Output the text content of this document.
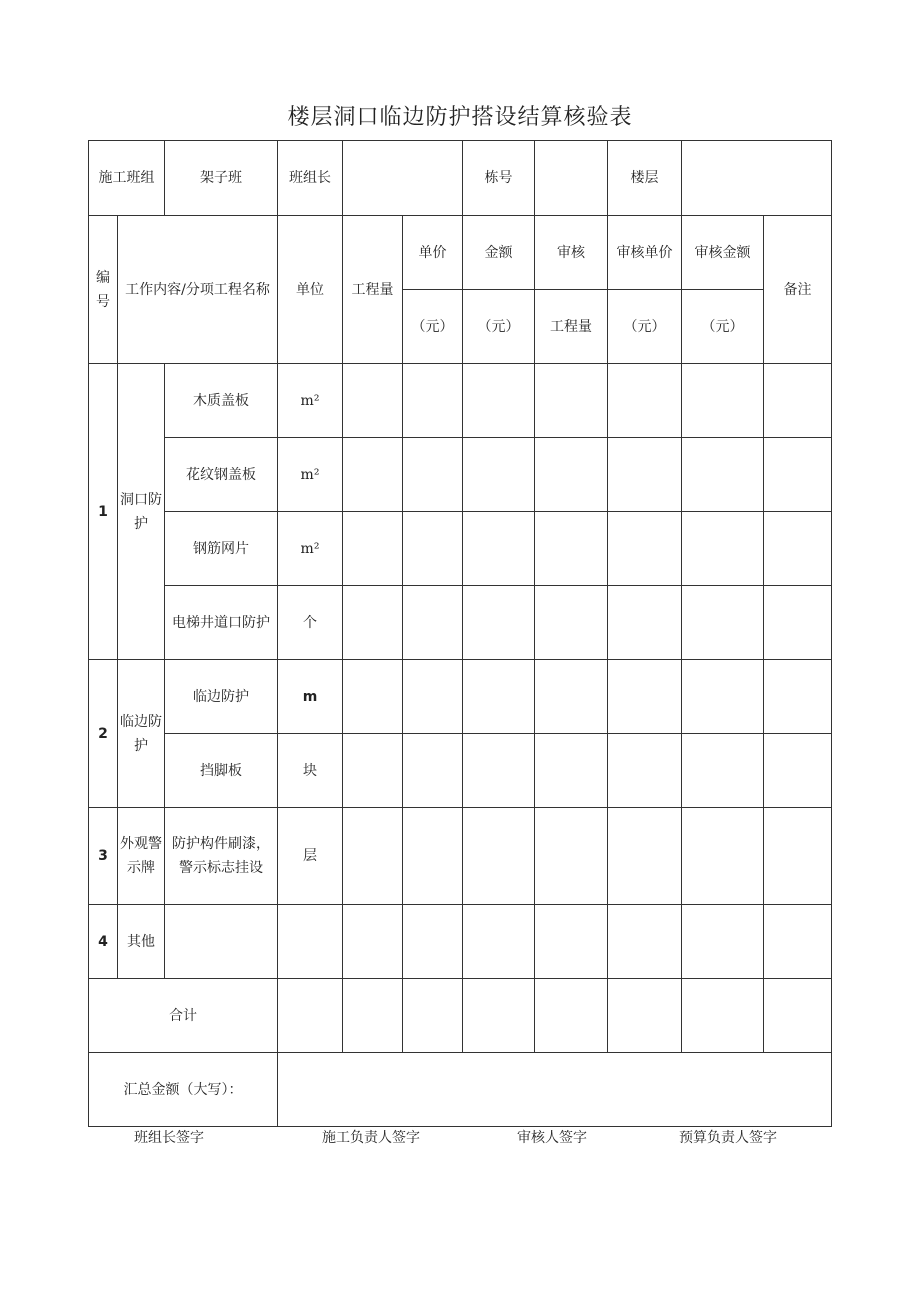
楼层洞口临边防护搭设结算核验表
施工班组		架子班	班组长			栋号		楼层			
编号	工作内容/分项工程名称		单位	工程量	单价	金额	审核	审核单价	审核金额	备注	
					（元）	（元）	工程量	（元）	（元）		
1	洞口防护	木质盖板	m²								
		花纹钢盖板	m²								
		钢筋网片	m²								
		电梯井道口防护	个								
2	临边防护	临边防护	m								
		挡脚板	块								
3	外观警示牌	防护构件刷漆，警示标志挂设	层								
4	其他										
合计											
汇总金额（大写）：											
班组长签字	施工负责人签字	审核人签字	预算负责人签字
